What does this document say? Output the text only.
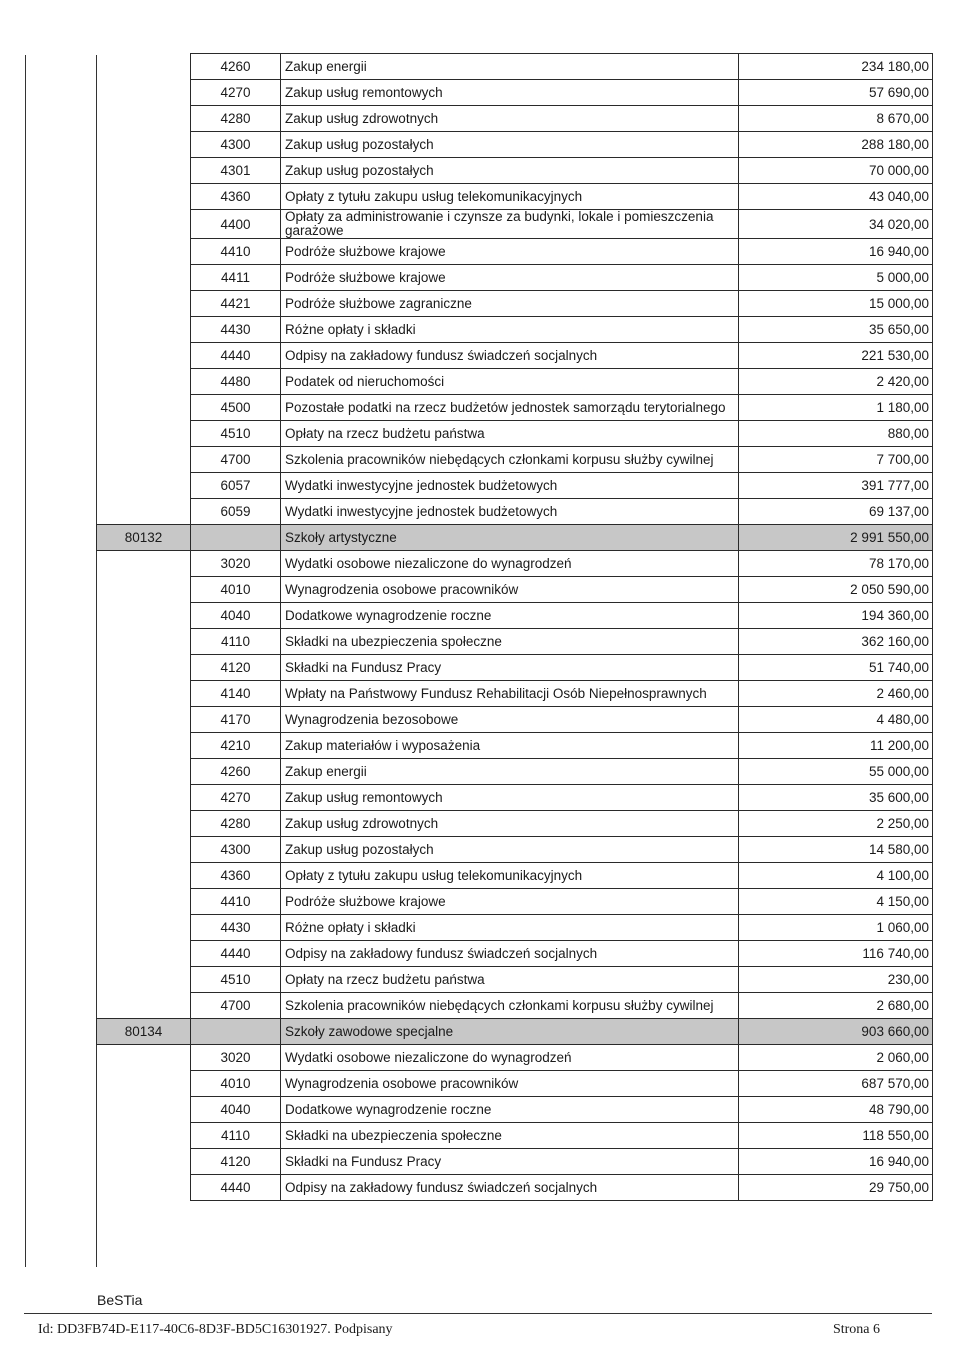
	4260	Zakup energii	234 180,00
	4270	Zakup usług remontowych	57 690,00
	4280	Zakup usług zdrowotnych	8 670,00
	4300	Zakup usług pozostałych	288 180,00
	4301	Zakup usług pozostałych	70 000,00
	4360	Opłaty z tytułu zakupu usług telekomunikacyjnych	43 040,00
	4400	Opłaty za administrowanie i czynsze za budynki, lokale i pomieszczenia garażowe	34 020,00
	4410	Podróże służbowe krajowe	16 940,00
	4411	Podróże służbowe krajowe	5 000,00
	4421	Podróże służbowe zagraniczne	15 000,00
	4430	Różne opłaty i składki	35 650,00
	4440	Odpisy na zakładowy fundusz świadczeń socjalnych	221 530,00
	4480	Podatek od nieruchomości	2 420,00
	4500	Pozostałe podatki na rzecz budżetów jednostek samorządu terytorialnego	1 180,00
	4510	Opłaty na rzecz budżetu państwa	880,00
	4700	Szkolenia pracowników niebędących członkami korpusu służby cywilnej	7 700,00
	6057	Wydatki inwestycyjne jednostek budżetowych	391 777,00
	6059	Wydatki inwestycyjne jednostek budżetowych	69 137,00
80132		Szkoły artystyczne	2 991 550,00
	3020	Wydatki osobowe niezaliczone do wynagrodzeń	78 170,00
	4010	Wynagrodzenia osobowe pracowników	2 050 590,00
	4040	Dodatkowe wynagrodzenie roczne	194 360,00
	4110	Składki na ubezpieczenia społeczne	362 160,00
	4120	Składki na Fundusz Pracy	51 740,00
	4140	Wpłaty na Państwowy Fundusz Rehabilitacji Osób Niepełnosprawnych	2 460,00
	4170	Wynagrodzenia bezosobowe	4 480,00
	4210	Zakup materiałów i wyposażenia	11 200,00
	4260	Zakup energii	55 000,00
	4270	Zakup usług remontowych	35 600,00
	4280	Zakup usług zdrowotnych	2 250,00
	4300	Zakup usług pozostałych	14 580,00
	4360	Opłaty z tytułu zakupu usług telekomunikacyjnych	4 100,00
	4410	Podróże służbowe krajowe	4 150,00
	4430	Różne opłaty i składki	1 060,00
	4440	Odpisy na zakładowy fundusz świadczeń socjalnych	116 740,00
	4510	Opłaty na rzecz budżetu państwa	230,00
	4700	Szkolenia pracowników niebędących członkami korpusu służby cywilnej	2 680,00
80134		Szkoły zawodowe specjalne	903 660,00
	3020	Wydatki osobowe niezaliczone do wynagrodzeń	2 060,00
	4010	Wynagrodzenia osobowe pracowników	687 570,00
	4040	Dodatkowe wynagrodzenie roczne	48 790,00
	4110	Składki na ubezpieczenia społeczne	118 550,00
	4120	Składki na Fundusz Pracy	16 940,00
	4440	Odpisy na zakładowy fundusz świadczeń socjalnych	29 750,00
BeSTia
Id: DD3FB74D-E117-40C6-8D3F-BD5C16301927. Podpisany	Strona 6
